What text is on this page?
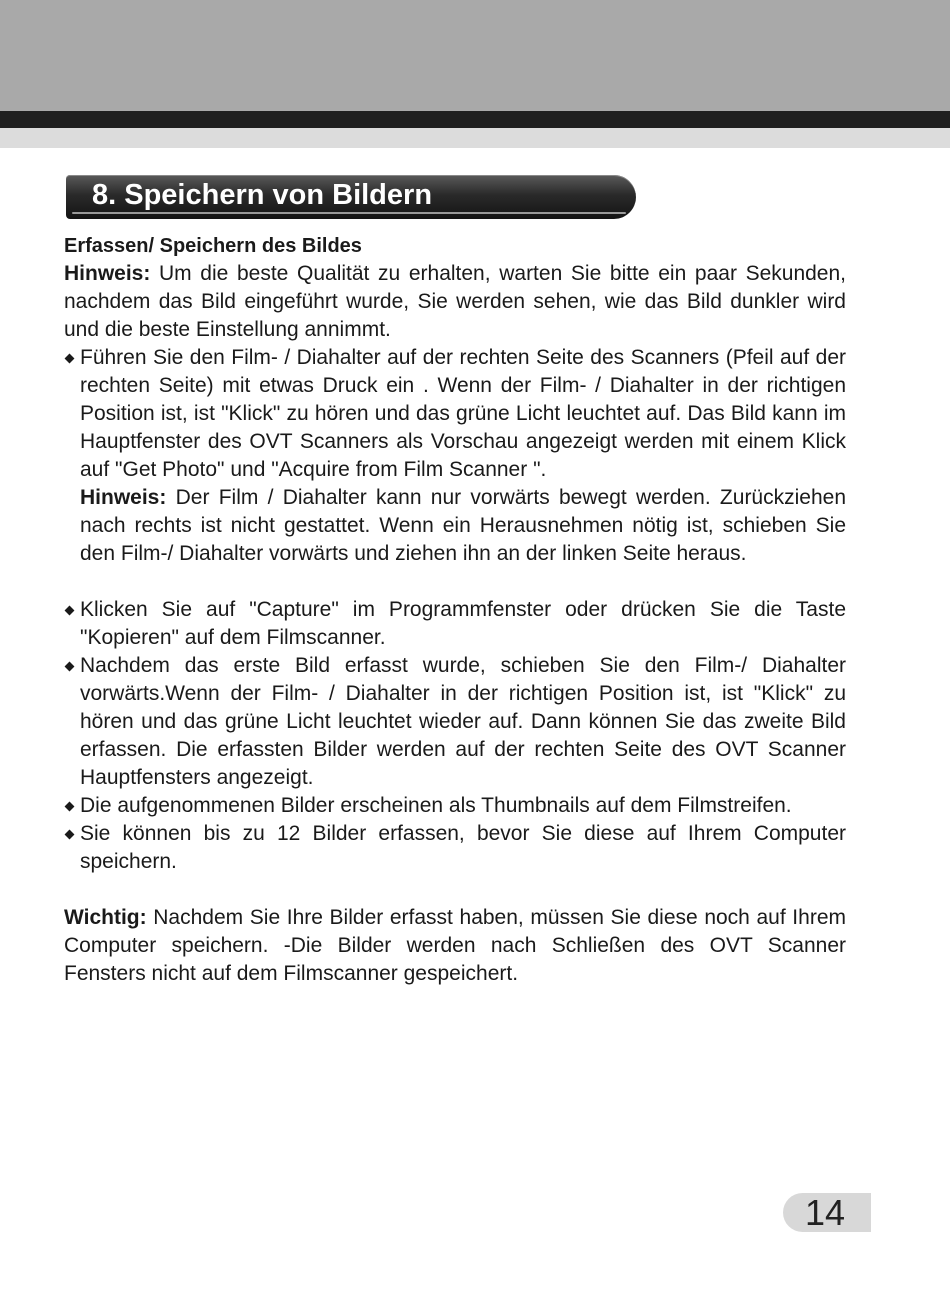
8. Speichern von Bildern

Erfassen/ Speichern des Bildes

Hinweis: Um die beste Qualität zu erhalten, warten Sie bitte ein paar Sekunden, nachdem das Bild eingeführt wurde, Sie werden sehen, wie das Bild dunkler wird und die beste Einstellung annimmt.

Führen Sie den Film- / Diahalter auf der rechten Seite des Scanners (Pfeil auf der rechten Seite) mit etwas Druck ein . Wenn der Film- / Diahalter in der richtigen Position ist, ist "Klick" zu hören und das grüne Licht leuchtet auf. Das Bild kann im Hauptfenster des OVT Scanners als Vorschau angezeigt werden mit einem Klick auf "Get Photo" und "Acquire from Film Scanner ".

Hinweis: Der Film / Diahalter kann nur vorwärts bewegt werden. Zurückziehen nach rechts ist nicht gestattet. Wenn ein Herausnehmen nötig ist, schieben Sie den Film-/ Diahalter vorwärts und ziehen ihn an der linken Seite heraus.

Klicken Sie auf "Capture" im Programmfenster oder drücken Sie die Taste "Kopieren" auf dem Filmscanner.

Nachdem das erste Bild erfasst wurde, schieben Sie den Film-/ Diahalter vorwärts.Wenn der Film- / Diahalter in der richtigen Position ist, ist "Klick" zu hören und das grüne Licht leuchtet wieder auf. Dann können Sie das zweite Bild erfassen. Die erfassten Bilder werden auf der rechten Seite des OVT Scanner Hauptfensters angezeigt.

Die aufgenommenen Bilder erscheinen als Thumbnails auf dem Filmstreifen.

Sie können bis zu 12 Bilder erfassen, bevor Sie diese auf Ihrem Computer speichern.

Wichtig: Nachdem Sie Ihre Bilder erfasst haben, müssen Sie diese noch auf Ihrem Computer speichern. -Die Bilder werden nach Schließen des OVT Scanner Fensters nicht auf dem Filmscanner gespeichert.

14
